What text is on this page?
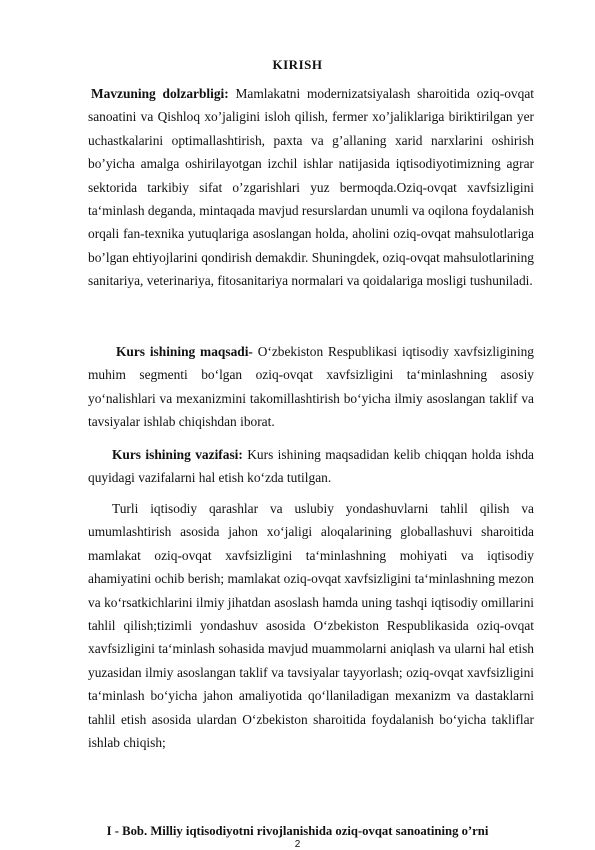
KIRISH
Mavzuning dolzarbligi: Mamlakatni modernizatsiyalash sharoitida oziq-ovqat sanoatini va Qishloq xo’jaligini isloh qilish, fermer xo’jaliklariga biriktirilgan yer uchastkalarini optimallashtirish, paxta va g’allaning xarid narxlarini oshirish bo’yicha amalga oshirilayotgan izchil ishlar natijasida iqtisodiyotimizning agrar sektorida tarkibiy sifat o’zgarishlari yuz bermoqda.Oziq-ovqat xavfsizligini ta‘minlash deganda, mintaqada mavjud resurslardan unumli va oqilona foydalanish orqali fan-texnika yutuqlariga asoslangan holda, aholini oziq-ovqat mahsulotlariga bo’lgan ehtiyojlarini qondirish demakdir. Shuningdek, oziq-ovqat mahsulotlarining sanitariya, veterinariya, fitosanitariya normalari va qoidalariga mosligi tushuniladi.
Kurs ishining maqsadi- O‘zbekiston Respublikasi iqtisodiy xavfsizligining muhim segmenti bo‘lgan oziq-ovqat xavfsizligini ta‘minlashning asosiy yo‘nalishlari va mexanizmini takomillashtirish bo‘yicha ilmiy asoslangan taklif va tavsiyalar ishlab chiqishdan iborat.
Kurs ishining vazifasi: Kurs ishining maqsadidan kelib chiqqan holda ishda quyidagi vazifalarni hal etish ko‘zda tutilgan.
Turli iqtisodiy qarashlar va uslubiy yondashuvlarni tahlil qilish va umumlashtirish asosida jahon xo‘jaligi aloqalarining globallashuvi sharoitida mamlakat oziq-ovqat xavfsizligini ta‘minlashning mohiyati va iqtisodiy ahamiyatini ochib berish; mamlakat oziq-ovqat xavfsizligini ta‘minlashning mezon va ko‘rsatkichlarini ilmiy jihatdan asoslash hamda uning tashqi iqtisodiy omillarini tahlil qilish;tizimli yondashuv asosida O‘zbekiston Respublikasida oziq-ovqat xavfsizligini ta‘minlash sohasida mavjud muammolarni aniqlash va ularni hal etish yuzasidan ilmiy asoslangan taklif va tavsiyalar tayyorlash; oziq-ovqat xavfsizligini ta‘minlash bo‘yicha jahon amaliyotida qo‘llaniladigan mexanizm va dastaklarni tahlil etish asosida ulardan O‘zbekiston sharoitida foydalanish bo‘yicha takliflar ishlab chiqish;
I - Bob. Milliy iqtisodiyotni rivojlanishida oziq-ovqat sanoatining o’rni
2
